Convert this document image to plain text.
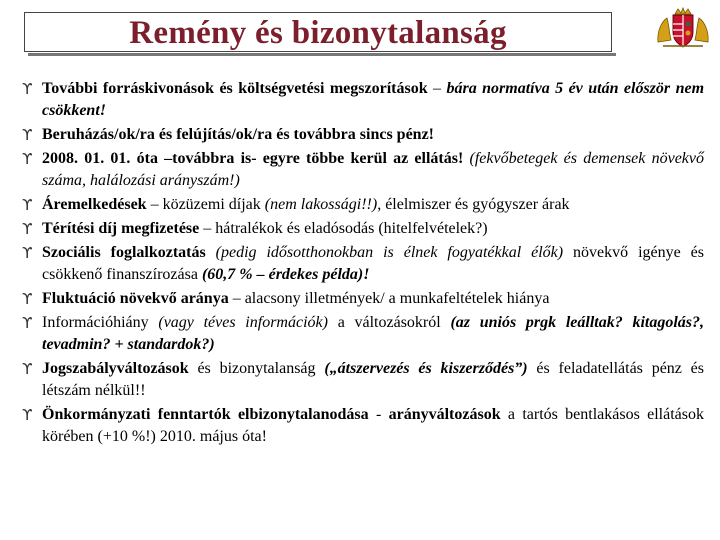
Remény és bizonytalanság
ϒ További forráskivonások és költségvetési megszorítások – bára normatíva 5 év után először nem csökkent!
ϒ Beruházás/ok/ra és felújítás/ok/ra és továbbra sincs pénz!
ϒ 2008. 01. 01. óta –továbbra is- egyre többe kerül az ellátás! (fekvőbetegek és demensek növekvő száma, halálozási arányszám!)
ϒ Áremelkedések – közüzemi díjak (nem lakossági!!), élelmiszer és gyógyszer árak
ϒ Térítési díj megfizetése – hátralékok és eladósodás (hitelfelvételek?)
ϒ Szociális foglalkoztatás (pedig idősotthonokban is élnek fogyatékkal élők) növekvő igénye és csökkenő finanszírozása (60,7 % – érdekes példa)!
ϒ Fluktuáció növekvő aránya – alacsony illetmények/ a munkafeltételek hiánya
ϒ Információhiány (vagy téves információk) a változásokról (az uniós prgk leálltak? kitagolás?, tevadmin? + standardok?)
ϒ Jogszabályváltozások és bizonytalanság („átszervezés és kiszerződés”) és feladatellátás pénz és létszám nélkül!!
ϒ Önkormányzati fenntartók elbizonytalanodása - arányváltozások a tartós bentlakásos ellátások körében (+10 %!) 2010. május óta!
